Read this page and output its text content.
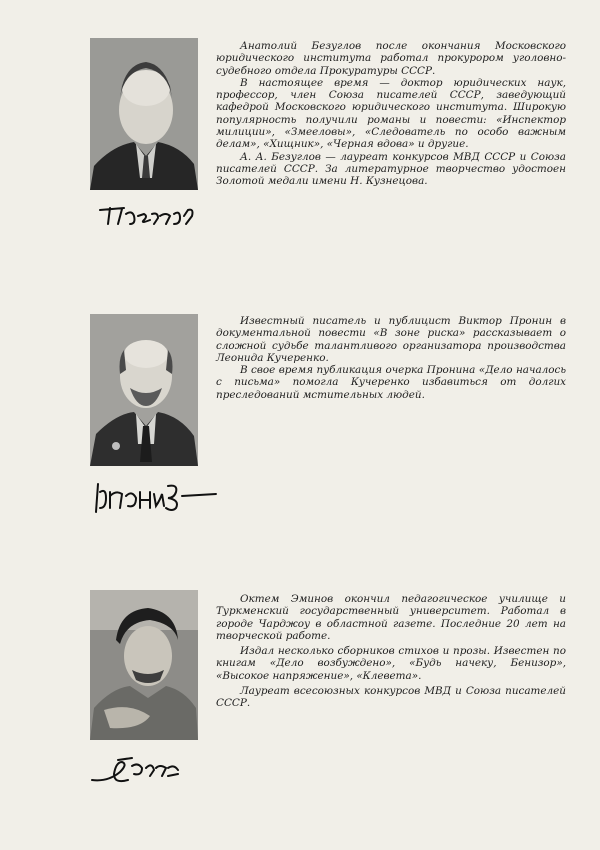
Анатолий Безуглов после окончания Московского юридического института работал прокурором уголовно-судебного отдела Прокуратуры СССР.

В настоящее время — доктор юридических наук, профессор, член Союза писателей СССР, заведующий кафедрой Московского юридического института. Широкую популярность получили романы и повести: «Инспектор милиции», «Змееловы», «Следователь по особо важным делам», «Хищник», «Черная вдова» и другие.

А. А. Безуглов — лауреат конкурсов МВД СССР и Союза писателей СССР. За литературное творчество удостоен Золотой медали имени Н. Кузнецова.

Известный писатель и публицист Виктор Пронин в документальной повести «В зоне риска» рассказывает о сложной судьбе талантливого организатора производства Леонида Кучеренко.

В свое время публикация очерка Пронина «Дело началось с письма» помогла Кучеренко избавиться от долгих преследований мстительных людей.

Октем Эминов окончил педагогическое училище и Туркменский государственный университет. Работал в городе Чарджоу в областной газете. Последние 20 лет на творческой работе.

Издал несколько сборников стихов и прозы. Известен по книгам «Дело возбуждено», «Будь начеку, Бенизор», «Высокое напряжение», «Клевета».

Лауреат всесоюзных конкурсов МВД и Союза писателей СССР.
